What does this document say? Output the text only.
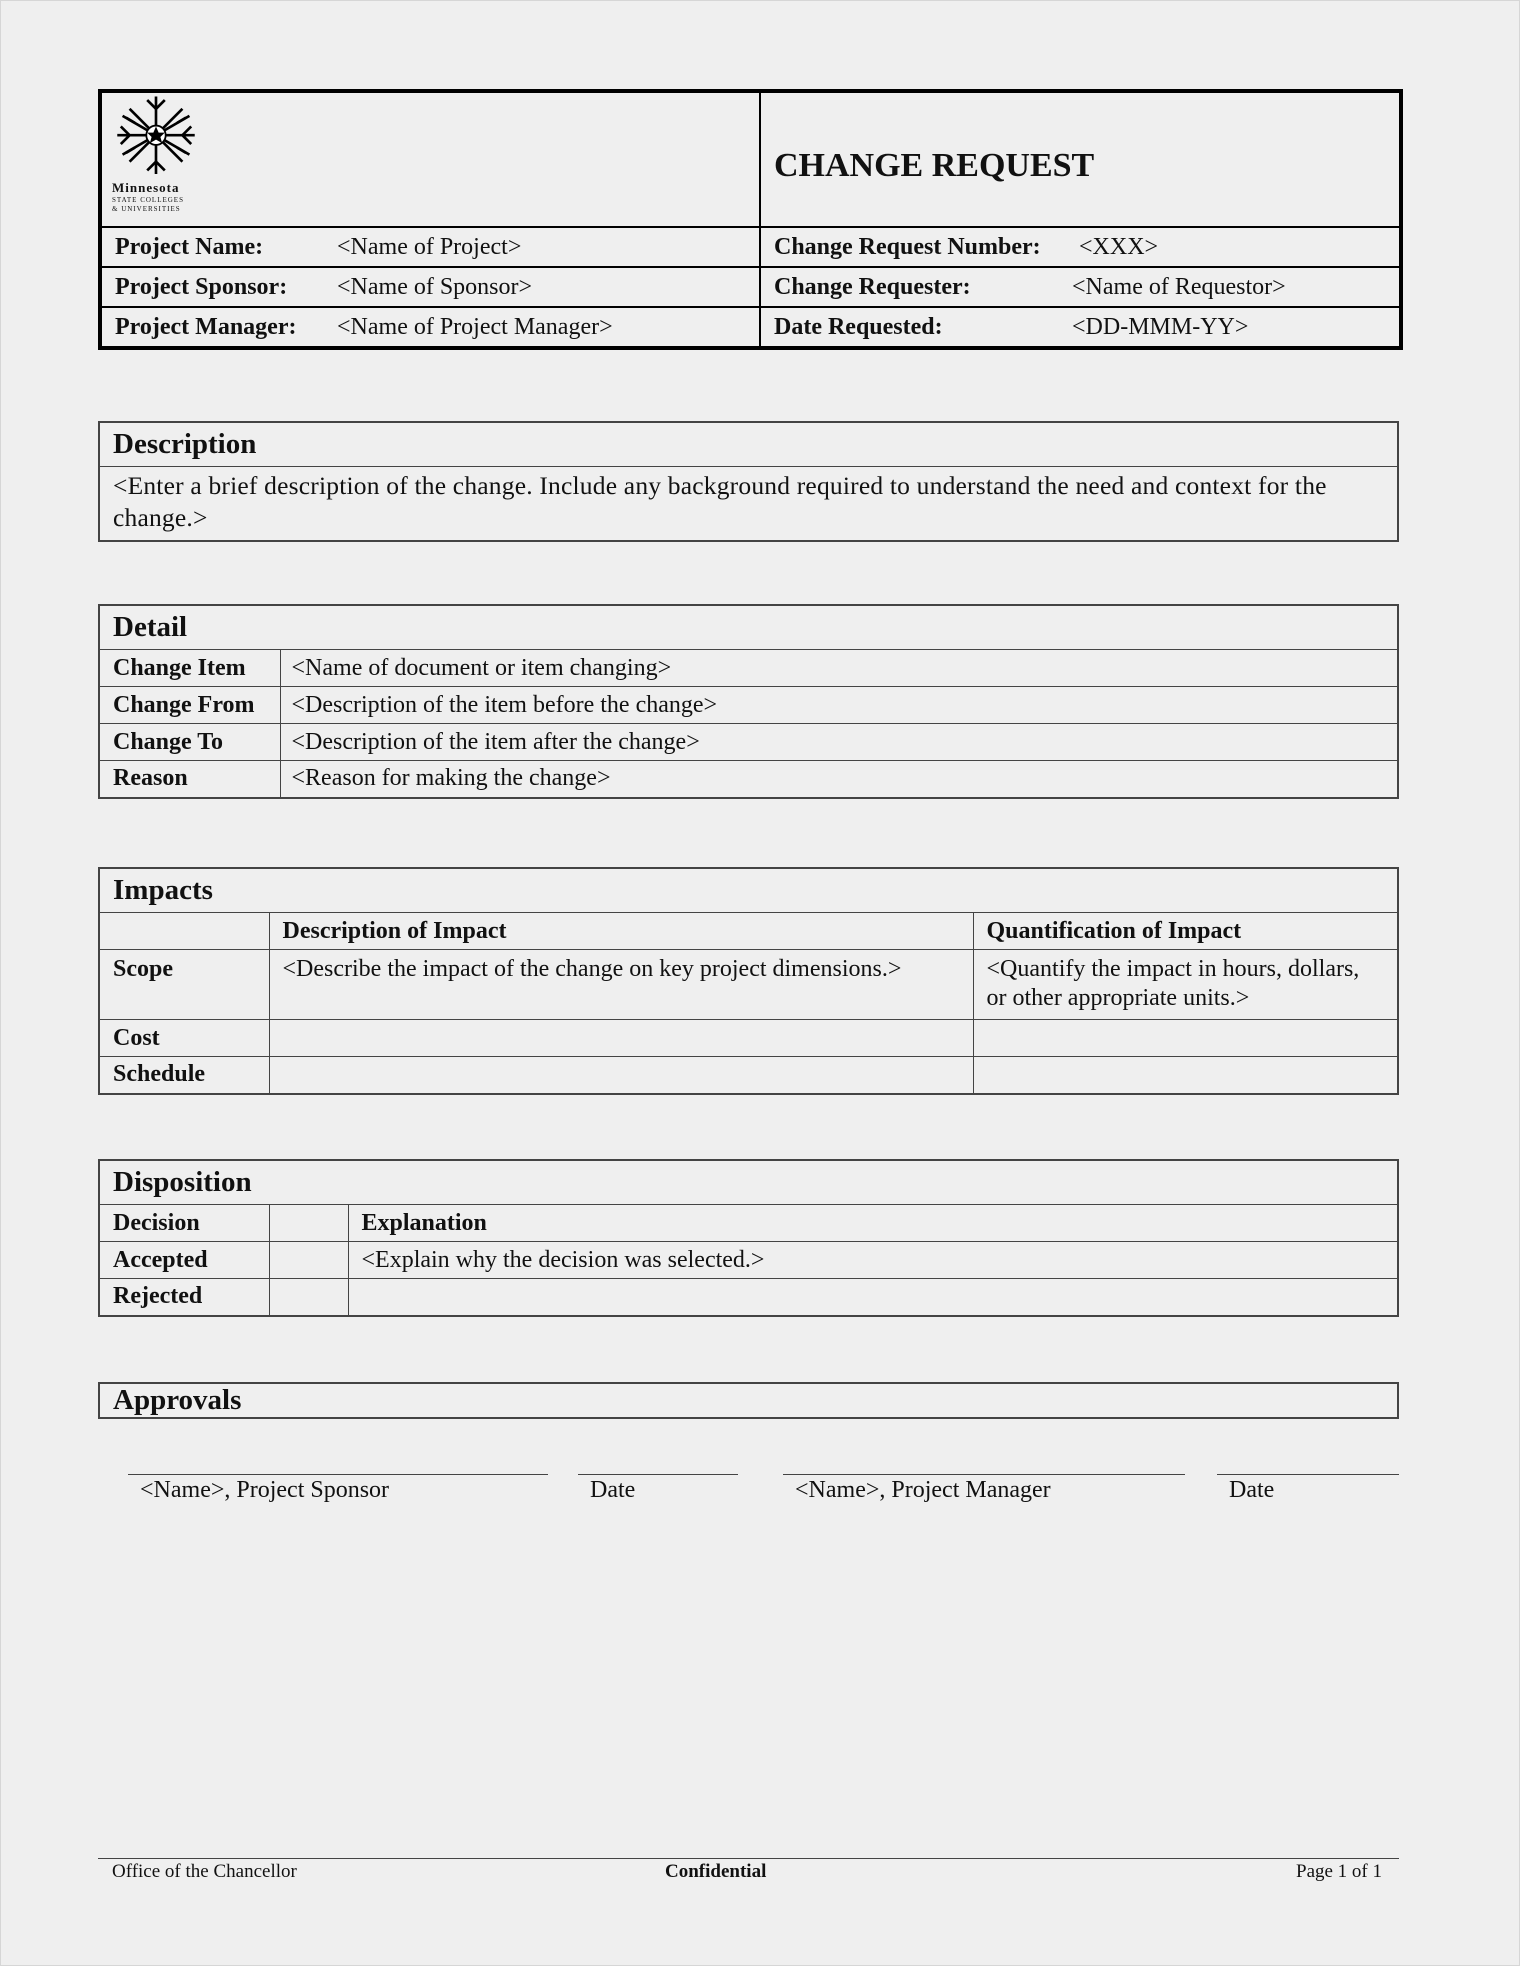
Minnesota
STATE COLLEGES
& UNIVERSITIES
	CHANGE REQUEST
Project Name: <Name of Project>	Change Request Number: <XXX>
Project Sponsor: <Name of Sponsor>	Change Requester: <Name of Requestor>
Project Manager: <Name of Project Manager>	Date Requested: <DD-MMM-YY>
Description
<Enter a brief description of the change. Include any background required to understand the need and context for the change.>
Detail	
Change Item	<Name of document or item changing>
Change From	<Description of the item before the change>
Change To	<Description of the item after the change>
Reason	<Reason for making the change>
Impacts		
	Description of Impact	Quantification of Impact
Scope	<Describe the impact of the change on key project dimensions.>	<Quantify the impact in hours, dollars, or other appropriate units.>
Cost		
Schedule		
Disposition		
Decision		Explanation
Accepted		<Explain why the decision was selected.>
Rejected		
Approvals
<Name>, Project Sponsor	Date	<Name>, Project Manager	Date
Office of the Chancellor	Confidential	Page 1 of 1
